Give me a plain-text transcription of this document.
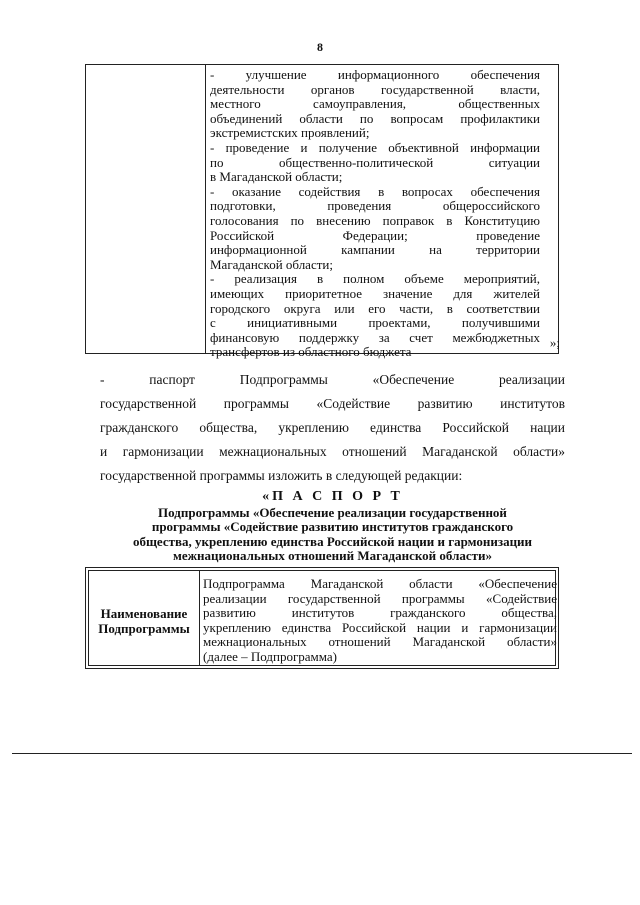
8

- улучшение информационного обеспечения

деятельности органов государственной власти,

местного самоуправления, общественных

объединений области по вопросам профилактики

экстремистских проявлений;

- проведение и получение объективной информации

по общественно-политической ситуации

в Магаданской области;

- оказание содействия в вопросах обеспечения

подготовки, проведения общероссийского

голосования по внесению поправок в Конституцию

Российской Федерации; проведение

информационной кампании на территории

Магаданской области;

- реализация в полном объеме мероприятий,

имеющих приоритетное значение для жителей

городского округа или его части, в соответствии

с инициативными проектами, получившими

финансовую поддержку за счет межбюджетных

трансфертов из областного бюджета

»;

- паспорт Подпрограммы «Обеспечение реализации

государственной программы «Содействие развитию институтов

гражданского общества, укреплению единства Российской нации

и гармонизации межнациональных отношений Магаданской области»

государственной программы изложить в следующей редакции:

«П А С П О Р Т

Подпрограммы «Обеспечение реализации государственной

программы «Содействие развитию институтов гражданского

общества, укреплению единства Российской нации и гармонизации

межнациональных отношений Магаданской области»

Наименование
Подпрограммы

Подпрограмма Магаданской области «Обеспечение

реализации государственной программы «Содействие

развитию институтов гражданского общества,

укреплению единства Российской нации и гармонизации

межнациональных отношений Магаданской области»

(далее – Подпрограмма)
